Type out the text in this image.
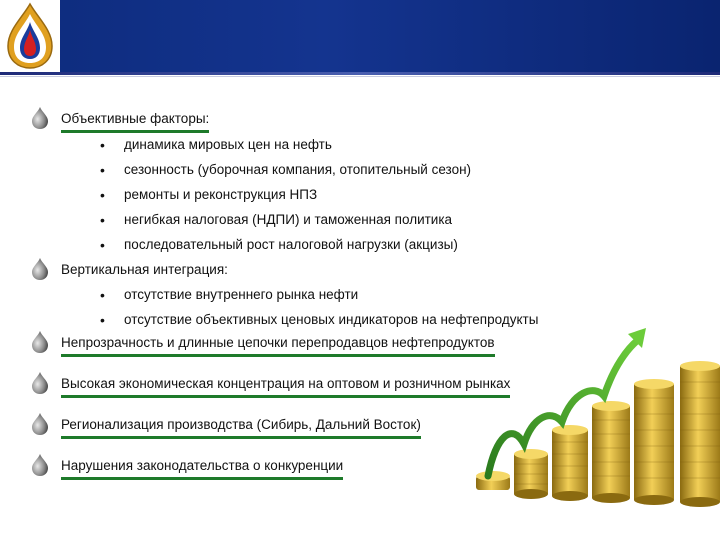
Объективные факторы:
• динамика мировых цен на нефть
• сезонность (уборочная компания, отопительный сезон)
• ремонты и реконструкция НПЗ
• негибкая налоговая (НДПИ) и таможенная политика
• последовательный рост налоговой нагрузки (акцизы)
Вертикальная интеграция:
• отсутствие внутреннего рынка нефти
• отсутствие объективных ценовых индикаторов на нефтепродукты
Непрозрачность и длинные цепочки перепродавцов нефтепродуктов
Высокая экономическая концентрация на оптовом и розничном рынках
Регионализация производства (Сибирь, Дальний Восток)
Нарушения законодательства о конкуренции
